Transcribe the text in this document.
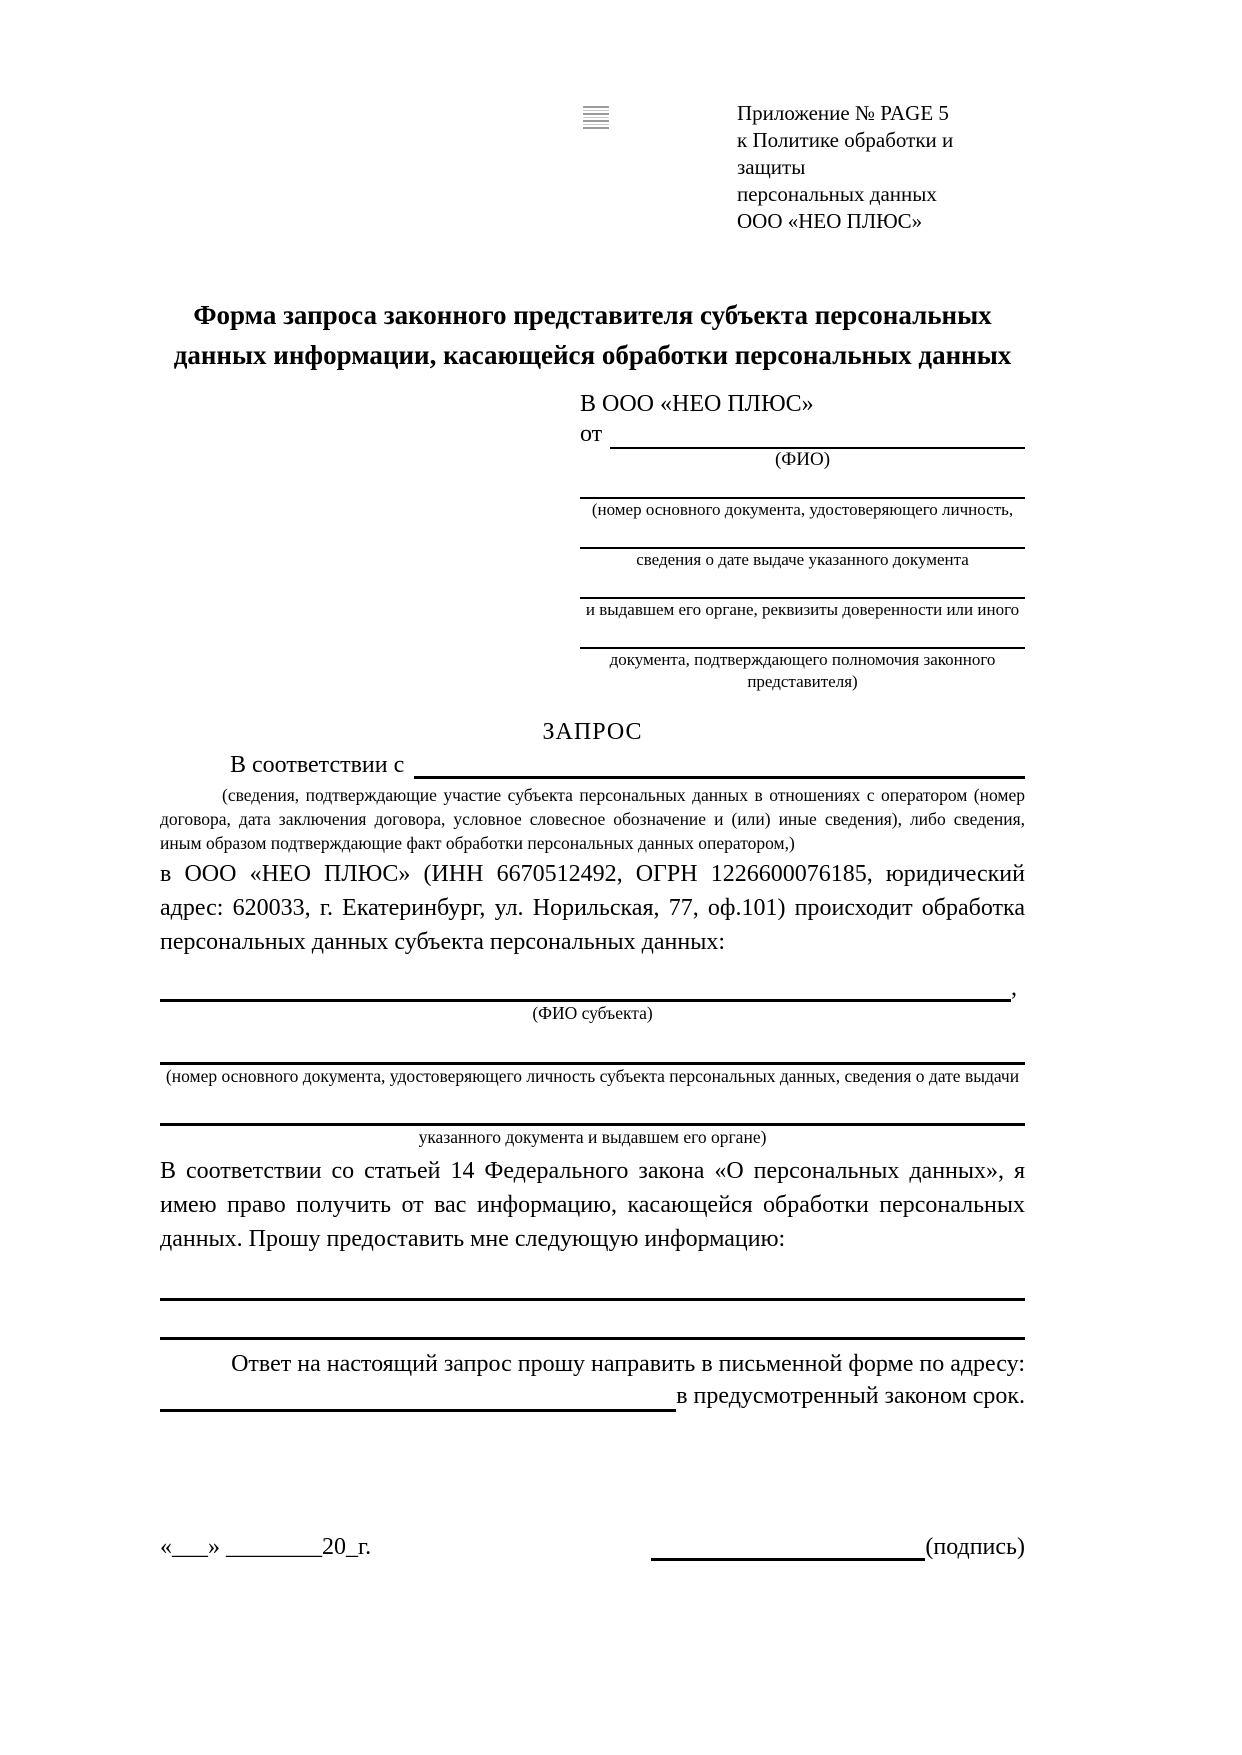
Приложение № PAGE 5
к Политике обработки и защиты
персональных данных
ООО «НЕО ПЛЮС»
Форма запроса законного представителя субъекта персональных данных информации, касающейся обработки персональных данных
В ООО «НЕО ПЛЮС»
от
(ФИО)
(номер основного документа, удостоверяющего личность,
сведения о дате выдаче указанного документа
и выдавшем его органе, реквизиты доверенности или иного
документа, подтверждающего полномочия законного представителя)
ЗАПРОС
В соответствии с
(сведения, подтверждающие участие субъекта персональных данных в отношениях с оператором (номер договора, дата заключения договора, условное словесное обозначение и (или) иные сведения), либо сведения, иным образом подтверждающие факт обработки персональных данных оператором,)
в ООО «НЕО ПЛЮС» (ИНН 6670512492, ОГРН 1226600076185, юридический адрес: 620033, г. Екатеринбург, ул. Норильская, 77, оф.101) происходит обработка персональных данных субъекта персональных данных:
,
(ФИО субъекта)
(номер основного документа, удостоверяющего личность субъекта персональных данных, сведения о дате выдачи
указанного документа и выдавшем его органе)
В соответствии со статьей 14 Федерального закона «О персональных данных», я имею право получить от вас информацию, касающейся обработки персональных данных. Прошу предоставить мне следующую информацию:
Ответ на настоящий запрос прошу направить в письменной форме по адресу:
в предусмотренный законом срок.
«___» ________20_г.	(подпись)
